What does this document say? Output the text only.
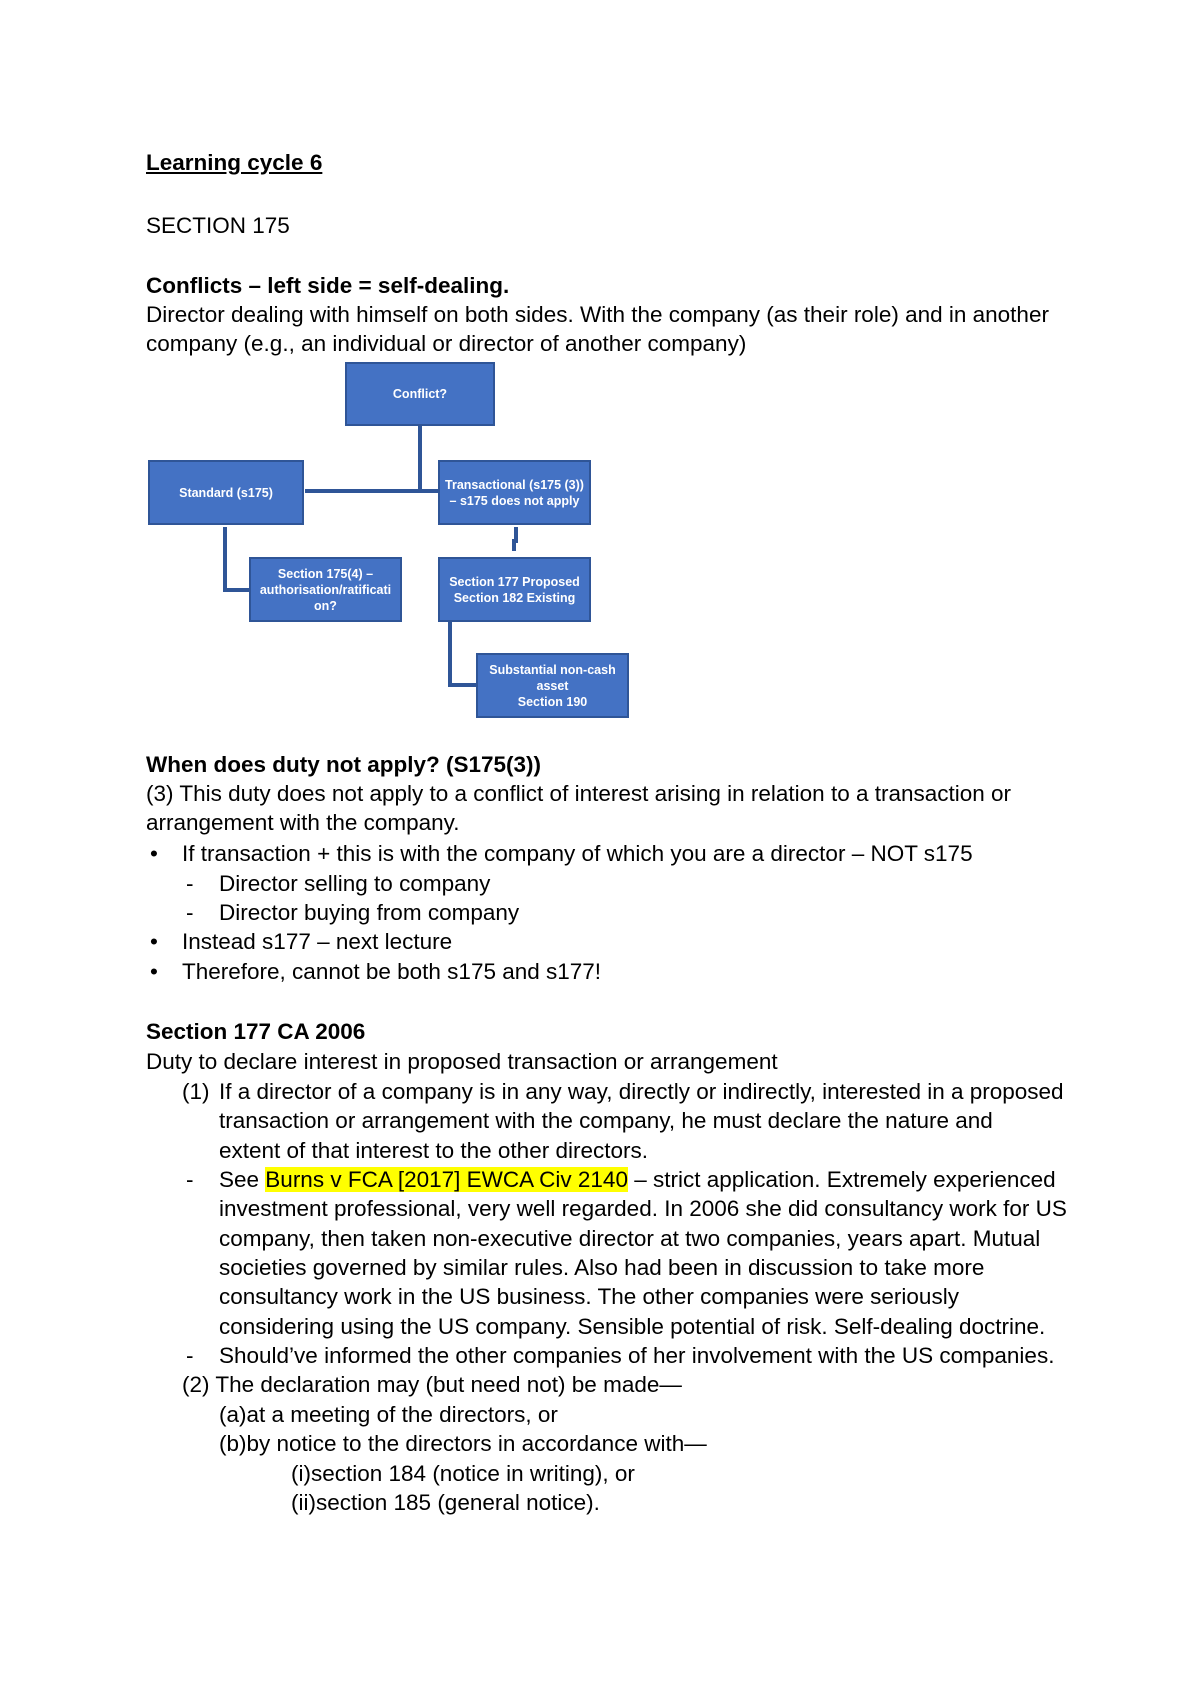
Learning cycle 6
SECTION 175
Conflicts – left side = self-dealing.
Director dealing with himself on both sides. With the company (as their role) and in another
company (e.g., an individual or director of another company)
Conflict?
Standard (s175)
Transactional (s175 (3))
– s175 does not apply
Section 175(4) –
authorisation/ratificati
on?
Section 177 Proposed
Section 182 Existing
Substantial non-cash
asset
Section 190
When does duty not apply? (S175(3))
(3) This duty does not apply to a conflict of interest arising in relation to a transaction or
arrangement with the company.
• If transaction + this is with the company of which you are a director – NOT s175
- Director selling to company
- Director buying from company
• Instead s177 – next lecture
• Therefore, cannot be both s175 and s177!
Section 177 CA 2006
Duty to declare interest in proposed transaction or arrangement
(1) If a director of a company is in any way, directly or indirectly, interested in a proposed
transaction or arrangement with the company, he must declare the nature and
extent of that interest to the other directors.
- See Burns v FCA [2017] EWCA Civ 2140 – strict application. Extremely experienced
investment professional, very well regarded. In 2006 she did consultancy work for US
company, then taken non-executive director at two companies, years apart. Mutual
societies governed by similar rules. Also had been in discussion to take more
consultancy work in the US business. The other companies were seriously
considering using the US company. Sensible potential of risk. Self-dealing doctrine.
- Should’ve informed the other companies of her involvement with the US companies.
(2) The declaration may (but need not) be made—
(a)at a meeting of the directors, or
(b)by notice to the directors in accordance with—
(i)section 184 (notice in writing), or
(ii)section 185 (general notice).
